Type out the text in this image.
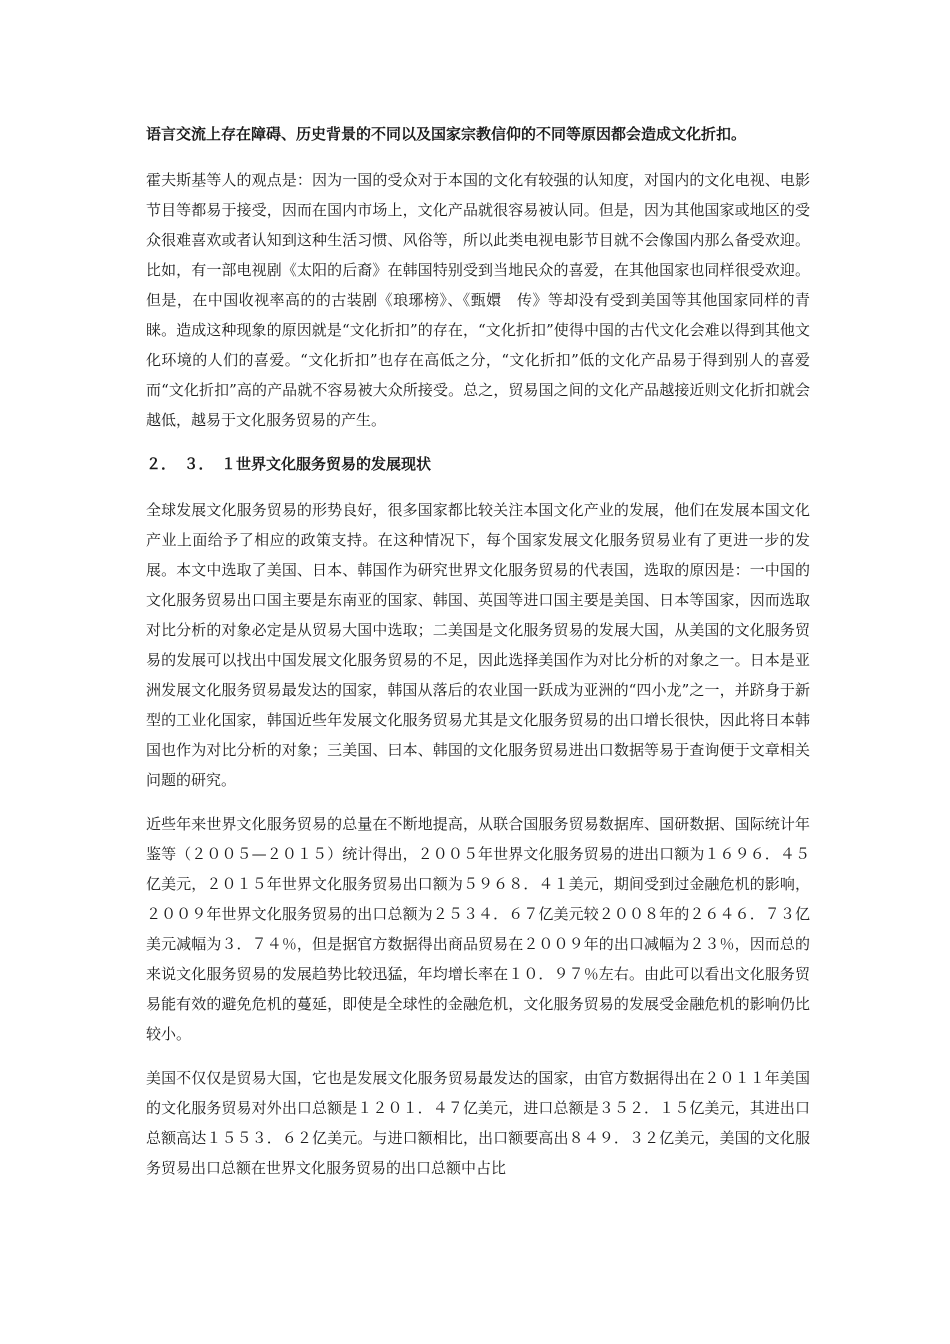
语言交流上存在障碍、历史背景的不同以及国家宗教信仰的不同等原因都会造成文化折扣。

霍夫斯基等人的观点是：因为一国的受众对于本国的文化有较强的认知度，对国内的文化电视、电影节目等都易于接受，因而在国内市场上，文化产品就很容易被认同。但是，因为其他国家或地区的受众很难喜欢或者认知到这种生活习惯、风俗等，所以此类电视电影节目就不会像国内那么备受欢迎。比如，有一部电视剧《太阳的后裔》在韩国特别受到当地民众的喜爱，在其他国家也同样很受欢迎。但是，在中国收视率高的的古装剧《琅琊榜》、《甄嬛　传》等却没有受到美国等其他国家同样的青睐。造成这种现象的原因就是“文化折扣”的存在，“文化折扣”使得中国的古代文化会难以得到其他文化环境的人们的喜爱。“文化折扣”也存在高低之分，“文化折扣”低的文化产品易于得到别人的喜爱而“文化折扣”高的产品就不容易被大众所接受。总之，贸易国之间的文化产品越接近则文化折扣就会越低，越易于文化服务贸易的产生。

２．　３．　１世界文化服务贸易的发展现状

全球发展文化服务贸易的形势良好，很多国家都比较关注本国文化产业的发展，他们在发展本国文化产业上面给予了相应的政策支持。在这种情况下，每个国家发展文化服务贸易业有了更进一步的发展。本文中选取了美国、日本、韩国作为研究世界文化服务贸易的代表国，选取的原因是：一中国的文化服务贸易出口国主要是东南亚的国家、韩国、英国等进口国主要是美国、日本等国家，因而选取对比分析的对象必定是从贸易大国中选取；二美国是文化服务贸易的发展大国，从美国的文化服务贸易的发展可以找出中国发展文化服务贸易的不足，因此选择美国作为对比分析的对象之一。日本是亚洲发展文化服务贸易最发达的国家，韩国从落后的农业国一跃成为亚洲的“四小龙”之一，并跻身于新型的工业化国家，韩国近些年发展文化服务贸易尤其是文化服务贸易的出口增长很快，因此将日本韩国也作为对比分析的对象；三美国、曰本、韩国的文化服务贸易进出口数据等易于查询便于文章相关问题的研究。

近些年来世界文化服务贸易的总量在不断地提高，从联合国服务贸易数据库、国研数据、国际统计年鉴等（２００５—２０１５）统计得出，２００５年世界文化服务贸易的进出口额为１６９６．４５亿美元，２０１５年世界文化服务贸易出口额为５９６８．４１美元，期间受到过金融危机的影响，２００９年世界文化服务贸易的出口总额为２５３４．６７亿美元较２００８年的２６４６．７３亿美元减幅为３．７４％，但是据官方数据得出商品贸易在２００９年的出口减幅为２３％，因而总的来说文化服务贸易的发展趋势比较迅猛，年均增长率在１０．９７％左右。由此可以看出文化服务贸易能有效的避免危机的蔓延，即使是全球性的金融危机，文化服务贸易的发展受金融危机的影响仍比较小。

美国不仅仅是贸易大国，它也是发展文化服务贸易最发达的国家，由官方数据得出在２０１１年美国的文化服务贸易对外出口总额是１２０１．４７亿美元，进口总额是３５２．１５亿美元，其进出口总额高达１５５３．６２亿美元。与进口额相比，出口额要高出８４９．３２亿美元，美国的文化服务贸易出口总额在世界文化服务贸易的出口总额中占比
